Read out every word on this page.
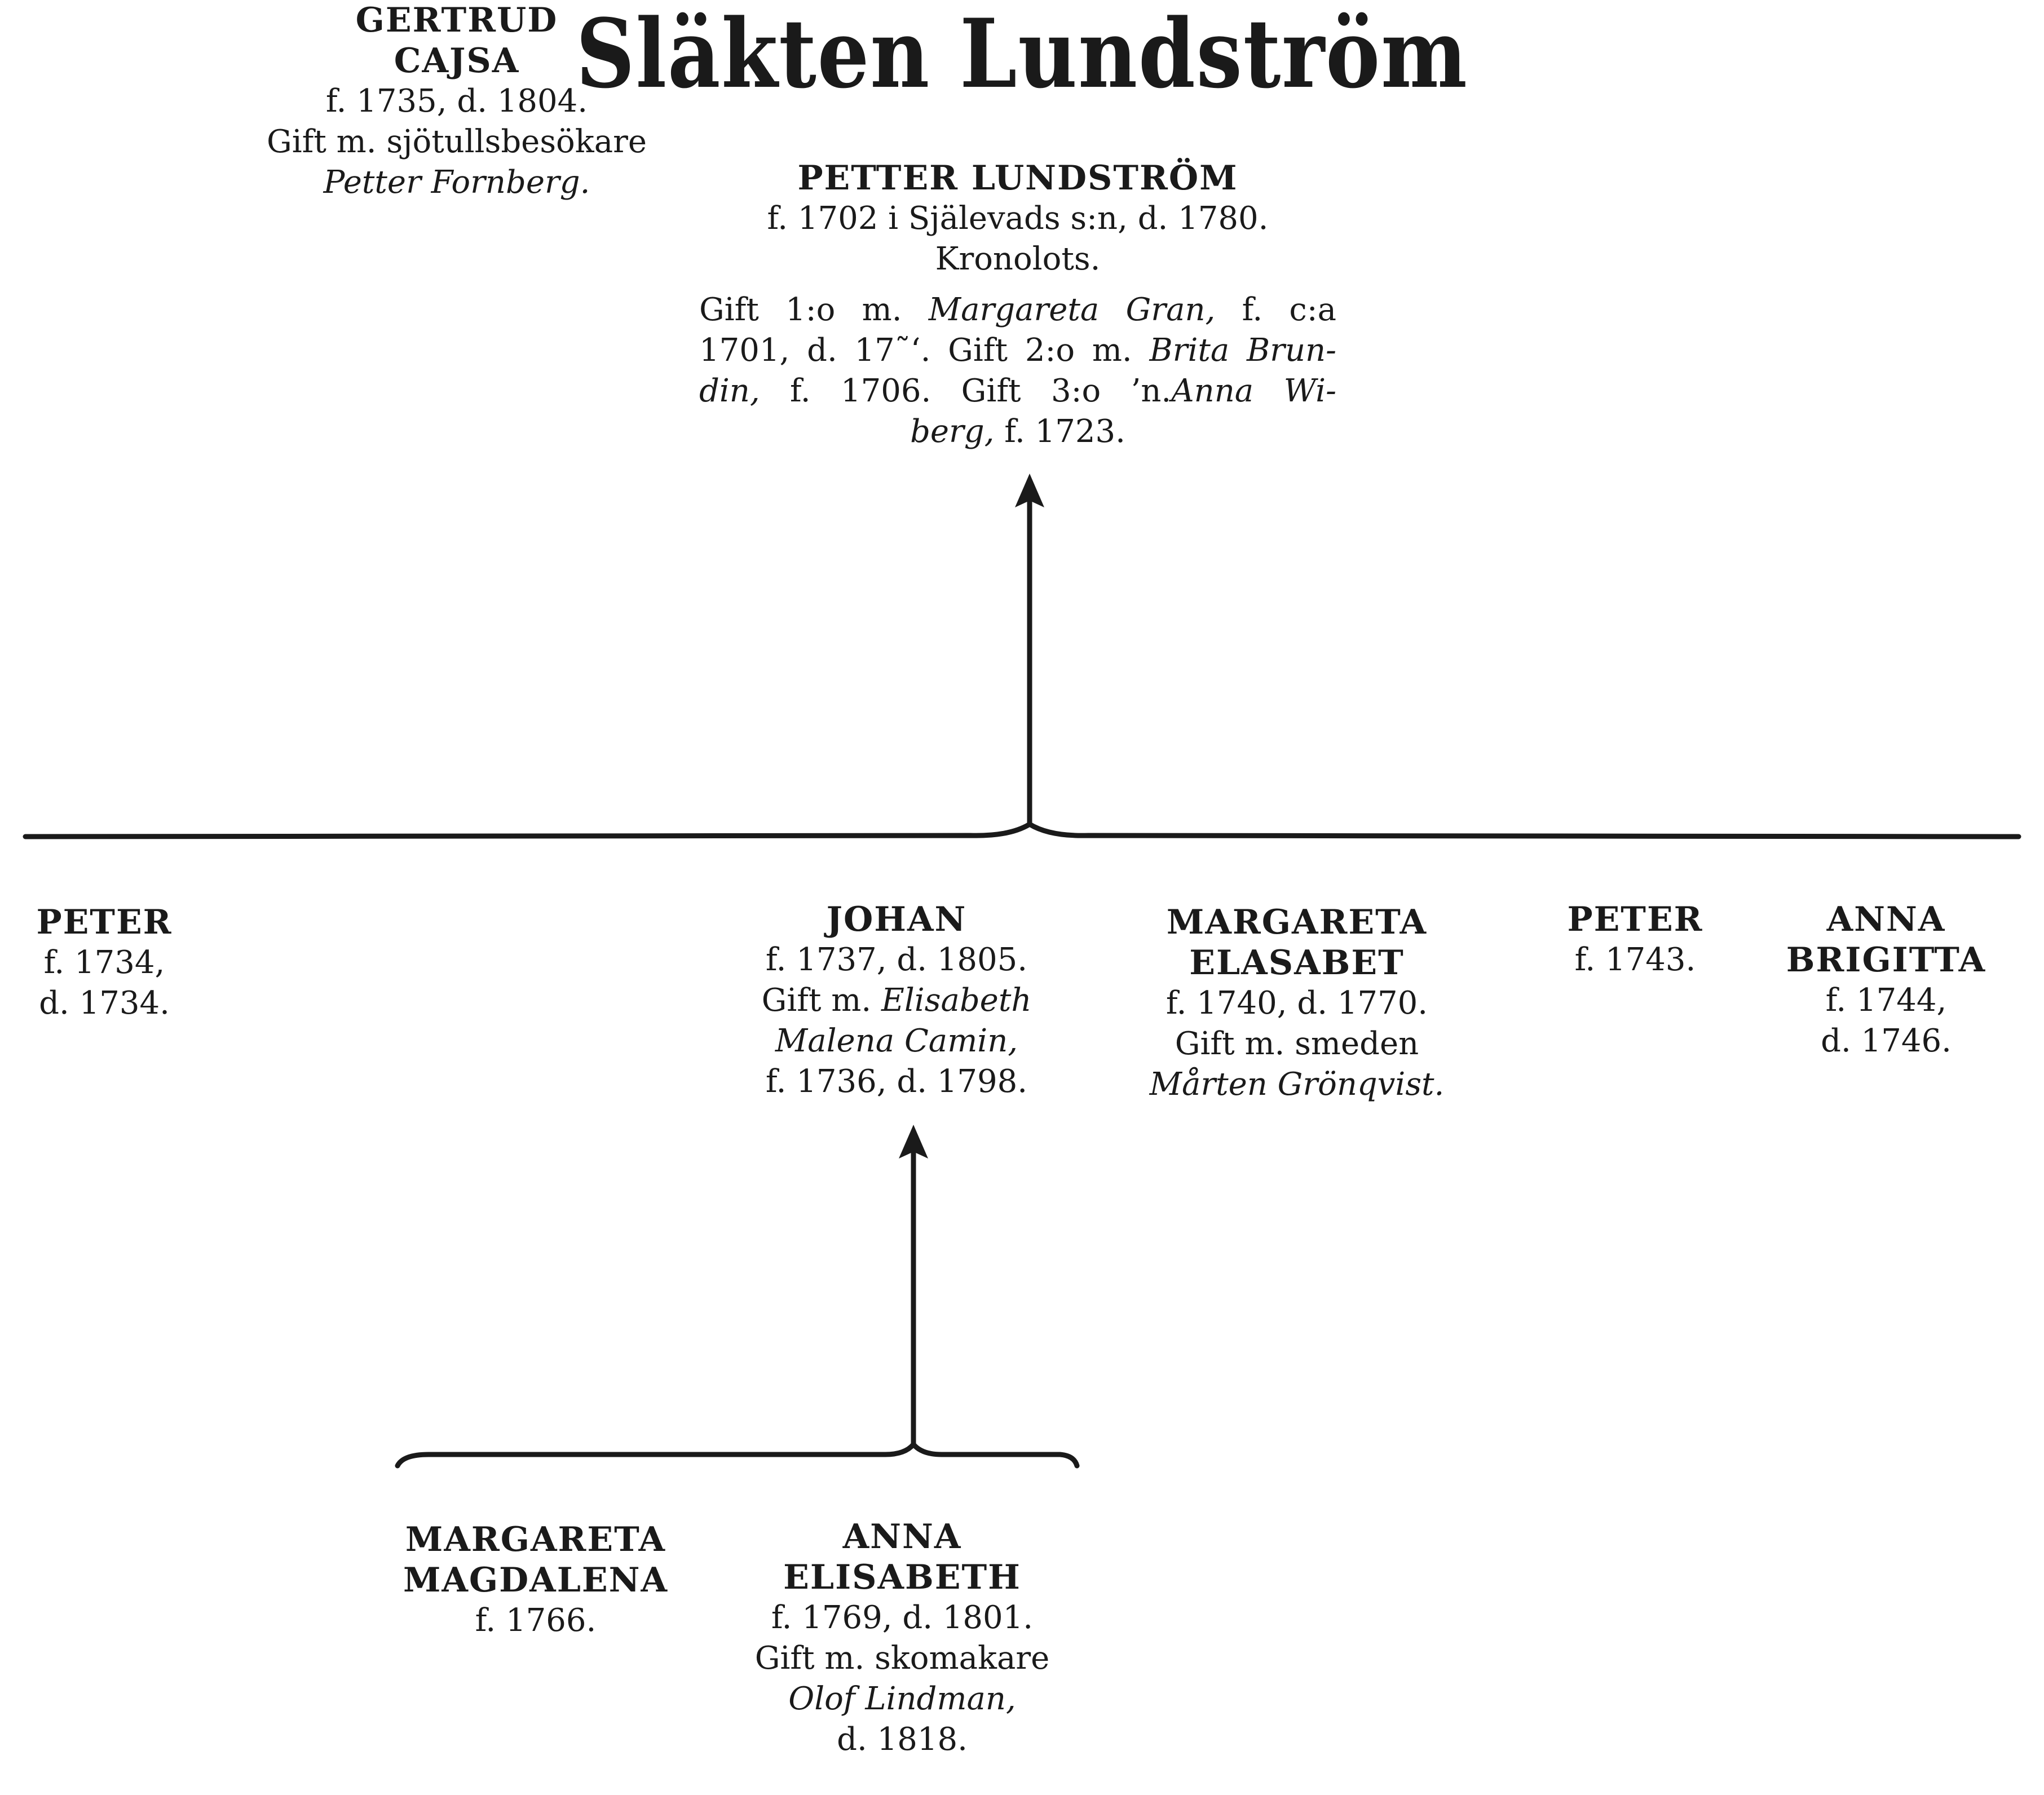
Släkten Lundström
PETTER LUNDSTRÖM
f. 1702 i Själevads s:n, d. 1780.
Kronolots.
Gift 1:o m. Margareta Gran, f. c:a
1701, d. 17˜‘. Gift 2:o m. Brita Brun-
din, f. 1706. Gift 3:o ’n.Anna Wi-
berg, f. 1723.
PETER
f. 1734,
d. 1734.
GERTRUD
CAJSA
f. 1735, d. 1804.
Gift m. sjötullsbesökare
Petter Fornberg.
JOHAN
f. 1737, d. 1805.
Gift m. Elisabeth
Malena Camin,
f. 1736, d. 1798.
MARGARETA
ELASABET
f. 1740, d. 1770.
Gift m. smeden
Mårten Grönqvist.
PETER
f. 1743.
ANNA
BRIGITTA
f. 1744,
d. 1746.
MARGARETA
MAGDALENA
f. 1766.
ANNA
ELISABETH
f. 1769, d. 1801.
Gift m. skomakare
Olof Lindman,
d. 1818.
